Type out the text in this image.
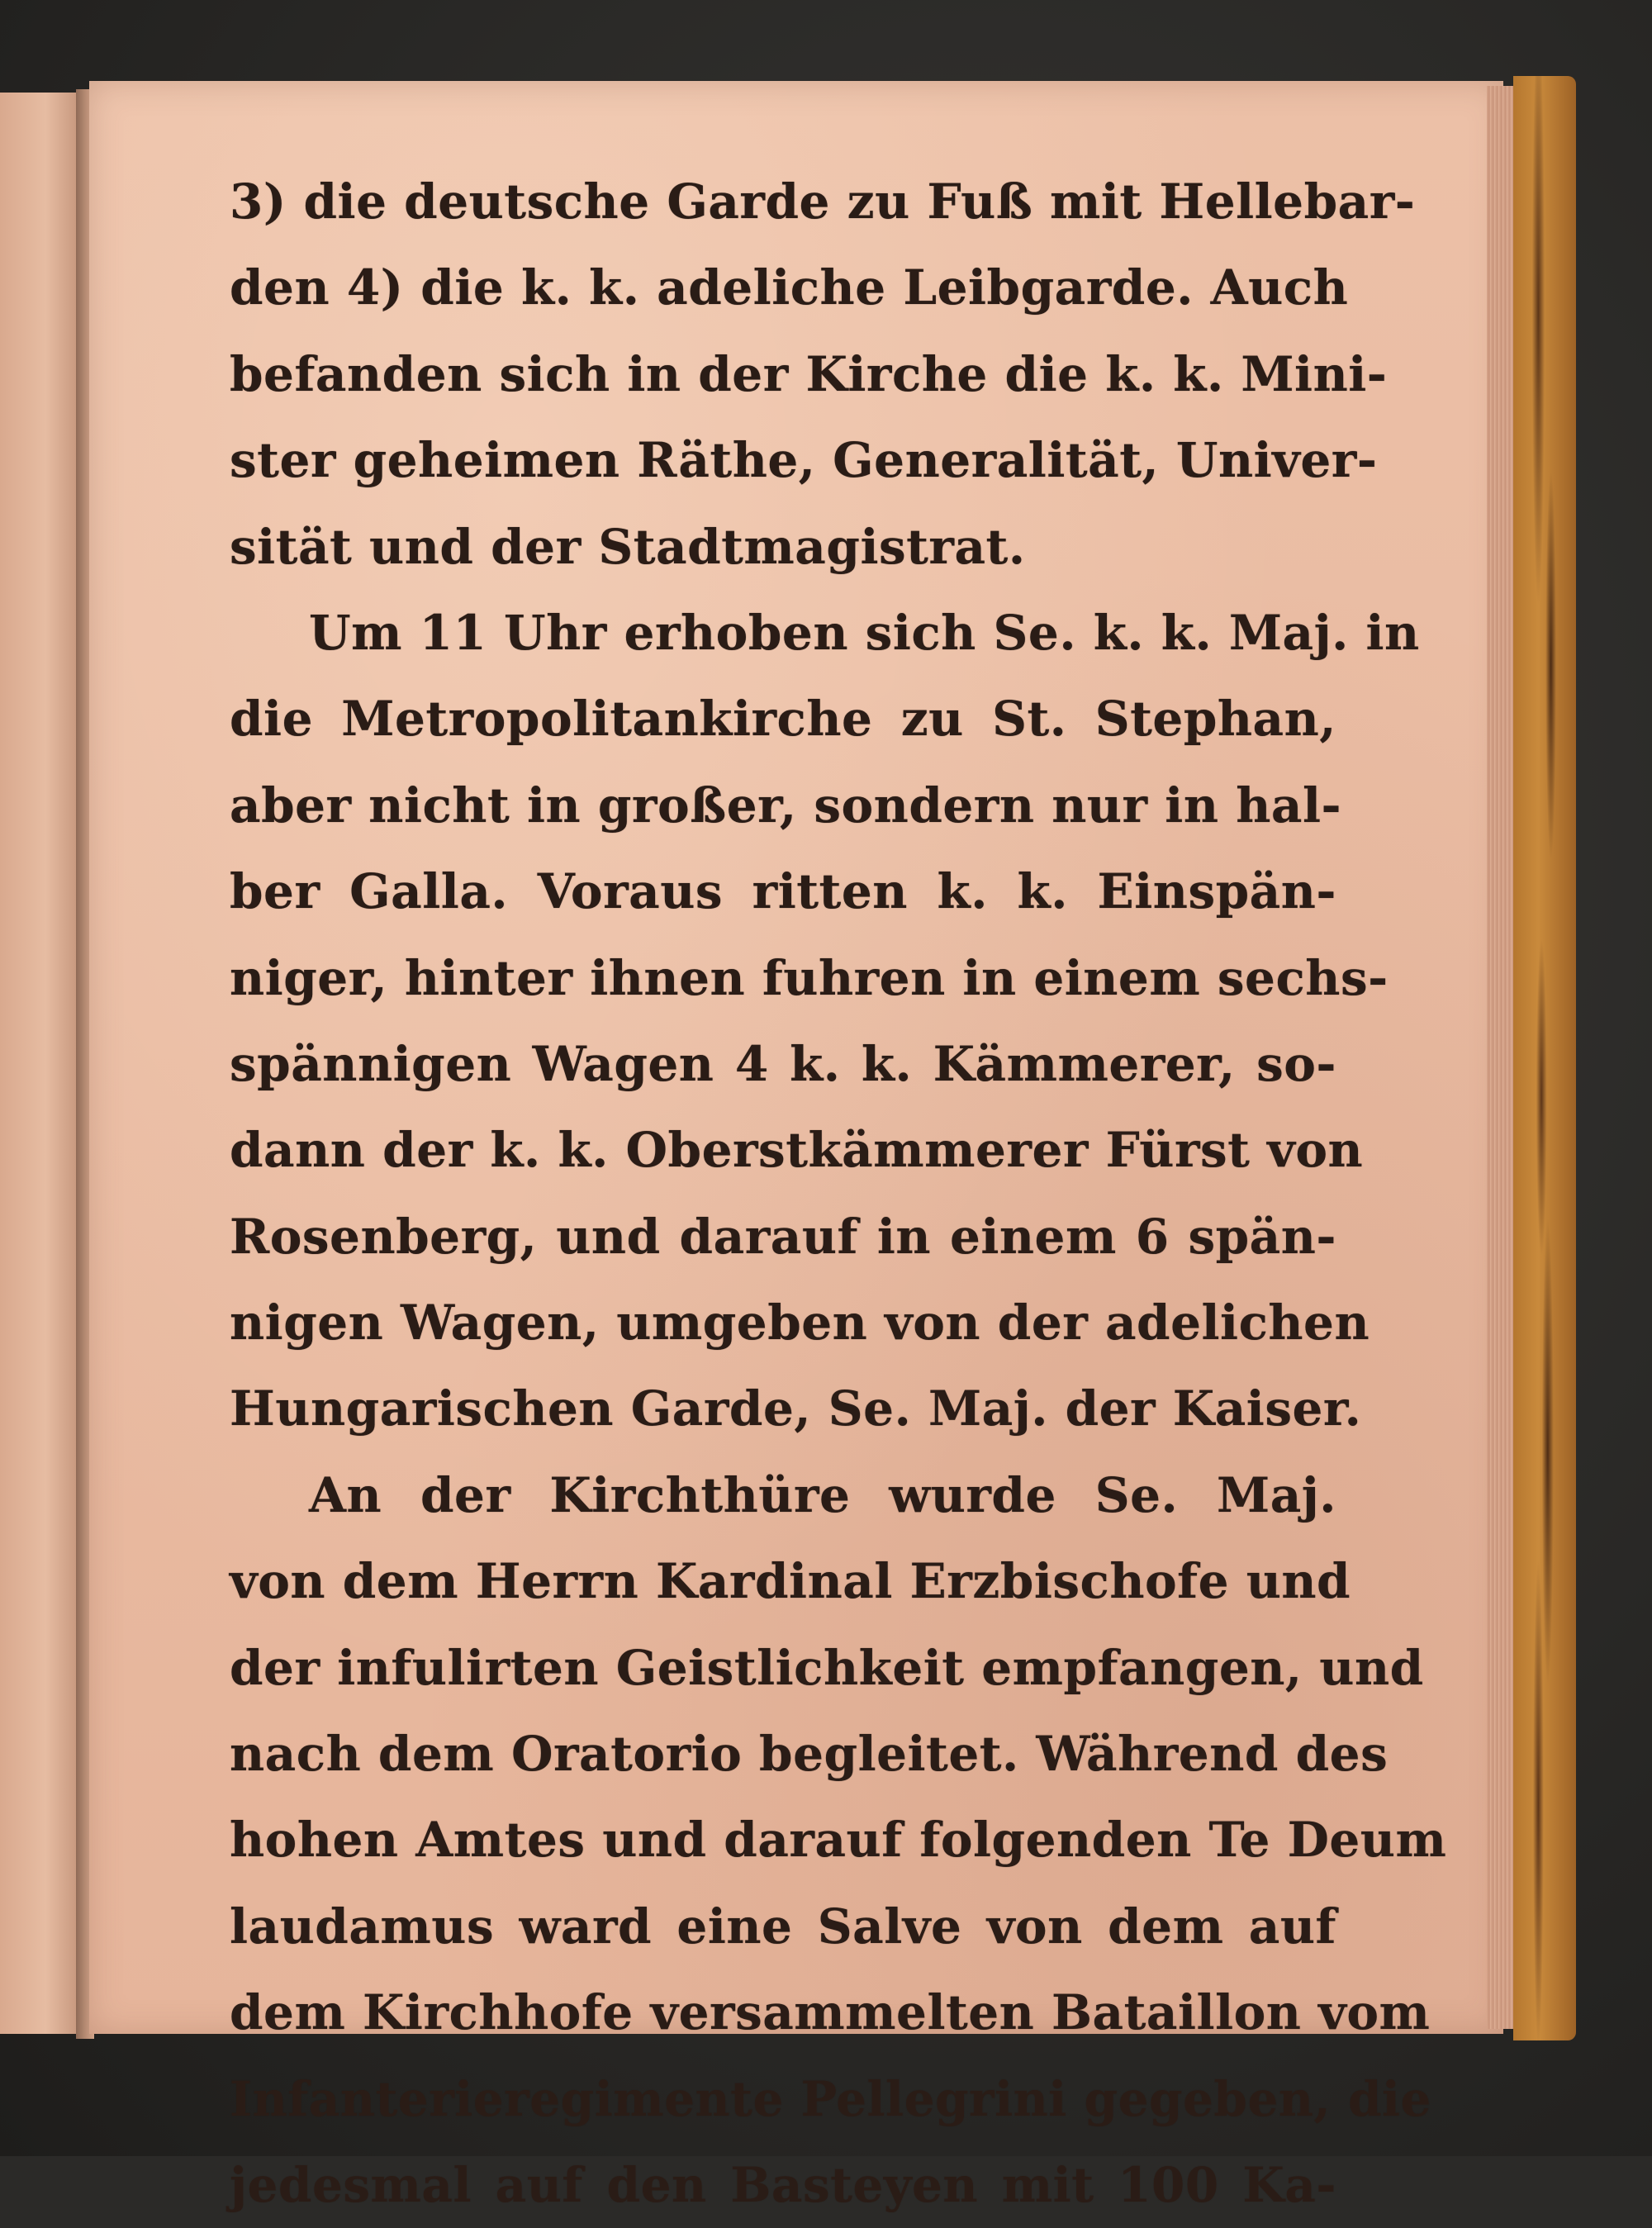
3) die deutsche Garde zu Fuß mit Hellebar-
den 4) die k. k. adeliche Leibgarde. Auch
befanden sich in der Kirche die k. k. Mini-
ster geheimen Räthe, Generalität, Univer-
sität und der Stadtmagistrat.
Um 11 Uhr erhoben sich Se. k. k. Maj. in
die Metropolitankirche zu St. Stephan,
aber nicht in großer, sondern nur in hal-
ber Galla. Voraus ritten k. k. Einspän-
niger, hinter ihnen fuhren in einem sechs-
spännigen Wagen 4 k. k. Kämmerer, so-
dann der k. k. Oberstkämmerer Fürst von
Rosenberg, und darauf in einem 6 spän-
nigen Wagen, umgeben von der adelichen
Hungarischen Garde, Se. Maj. der Kaiser.
An der Kirchthüre wurde Se. Maj.
von dem Herrn Kardinal Erzbischofe und
der infulirten Geistlichkeit empfangen, und
nach dem Oratorio begleitet. Während des
hohen Amtes und darauf folgenden Te Deum
laudamus ward eine Salve von dem auf
dem Kirchhofe versammelten Bataillon vom
Infanterieregimente Pellegrini gegeben, die
jedesmal auf den Basteyen mit 100 Ka-
